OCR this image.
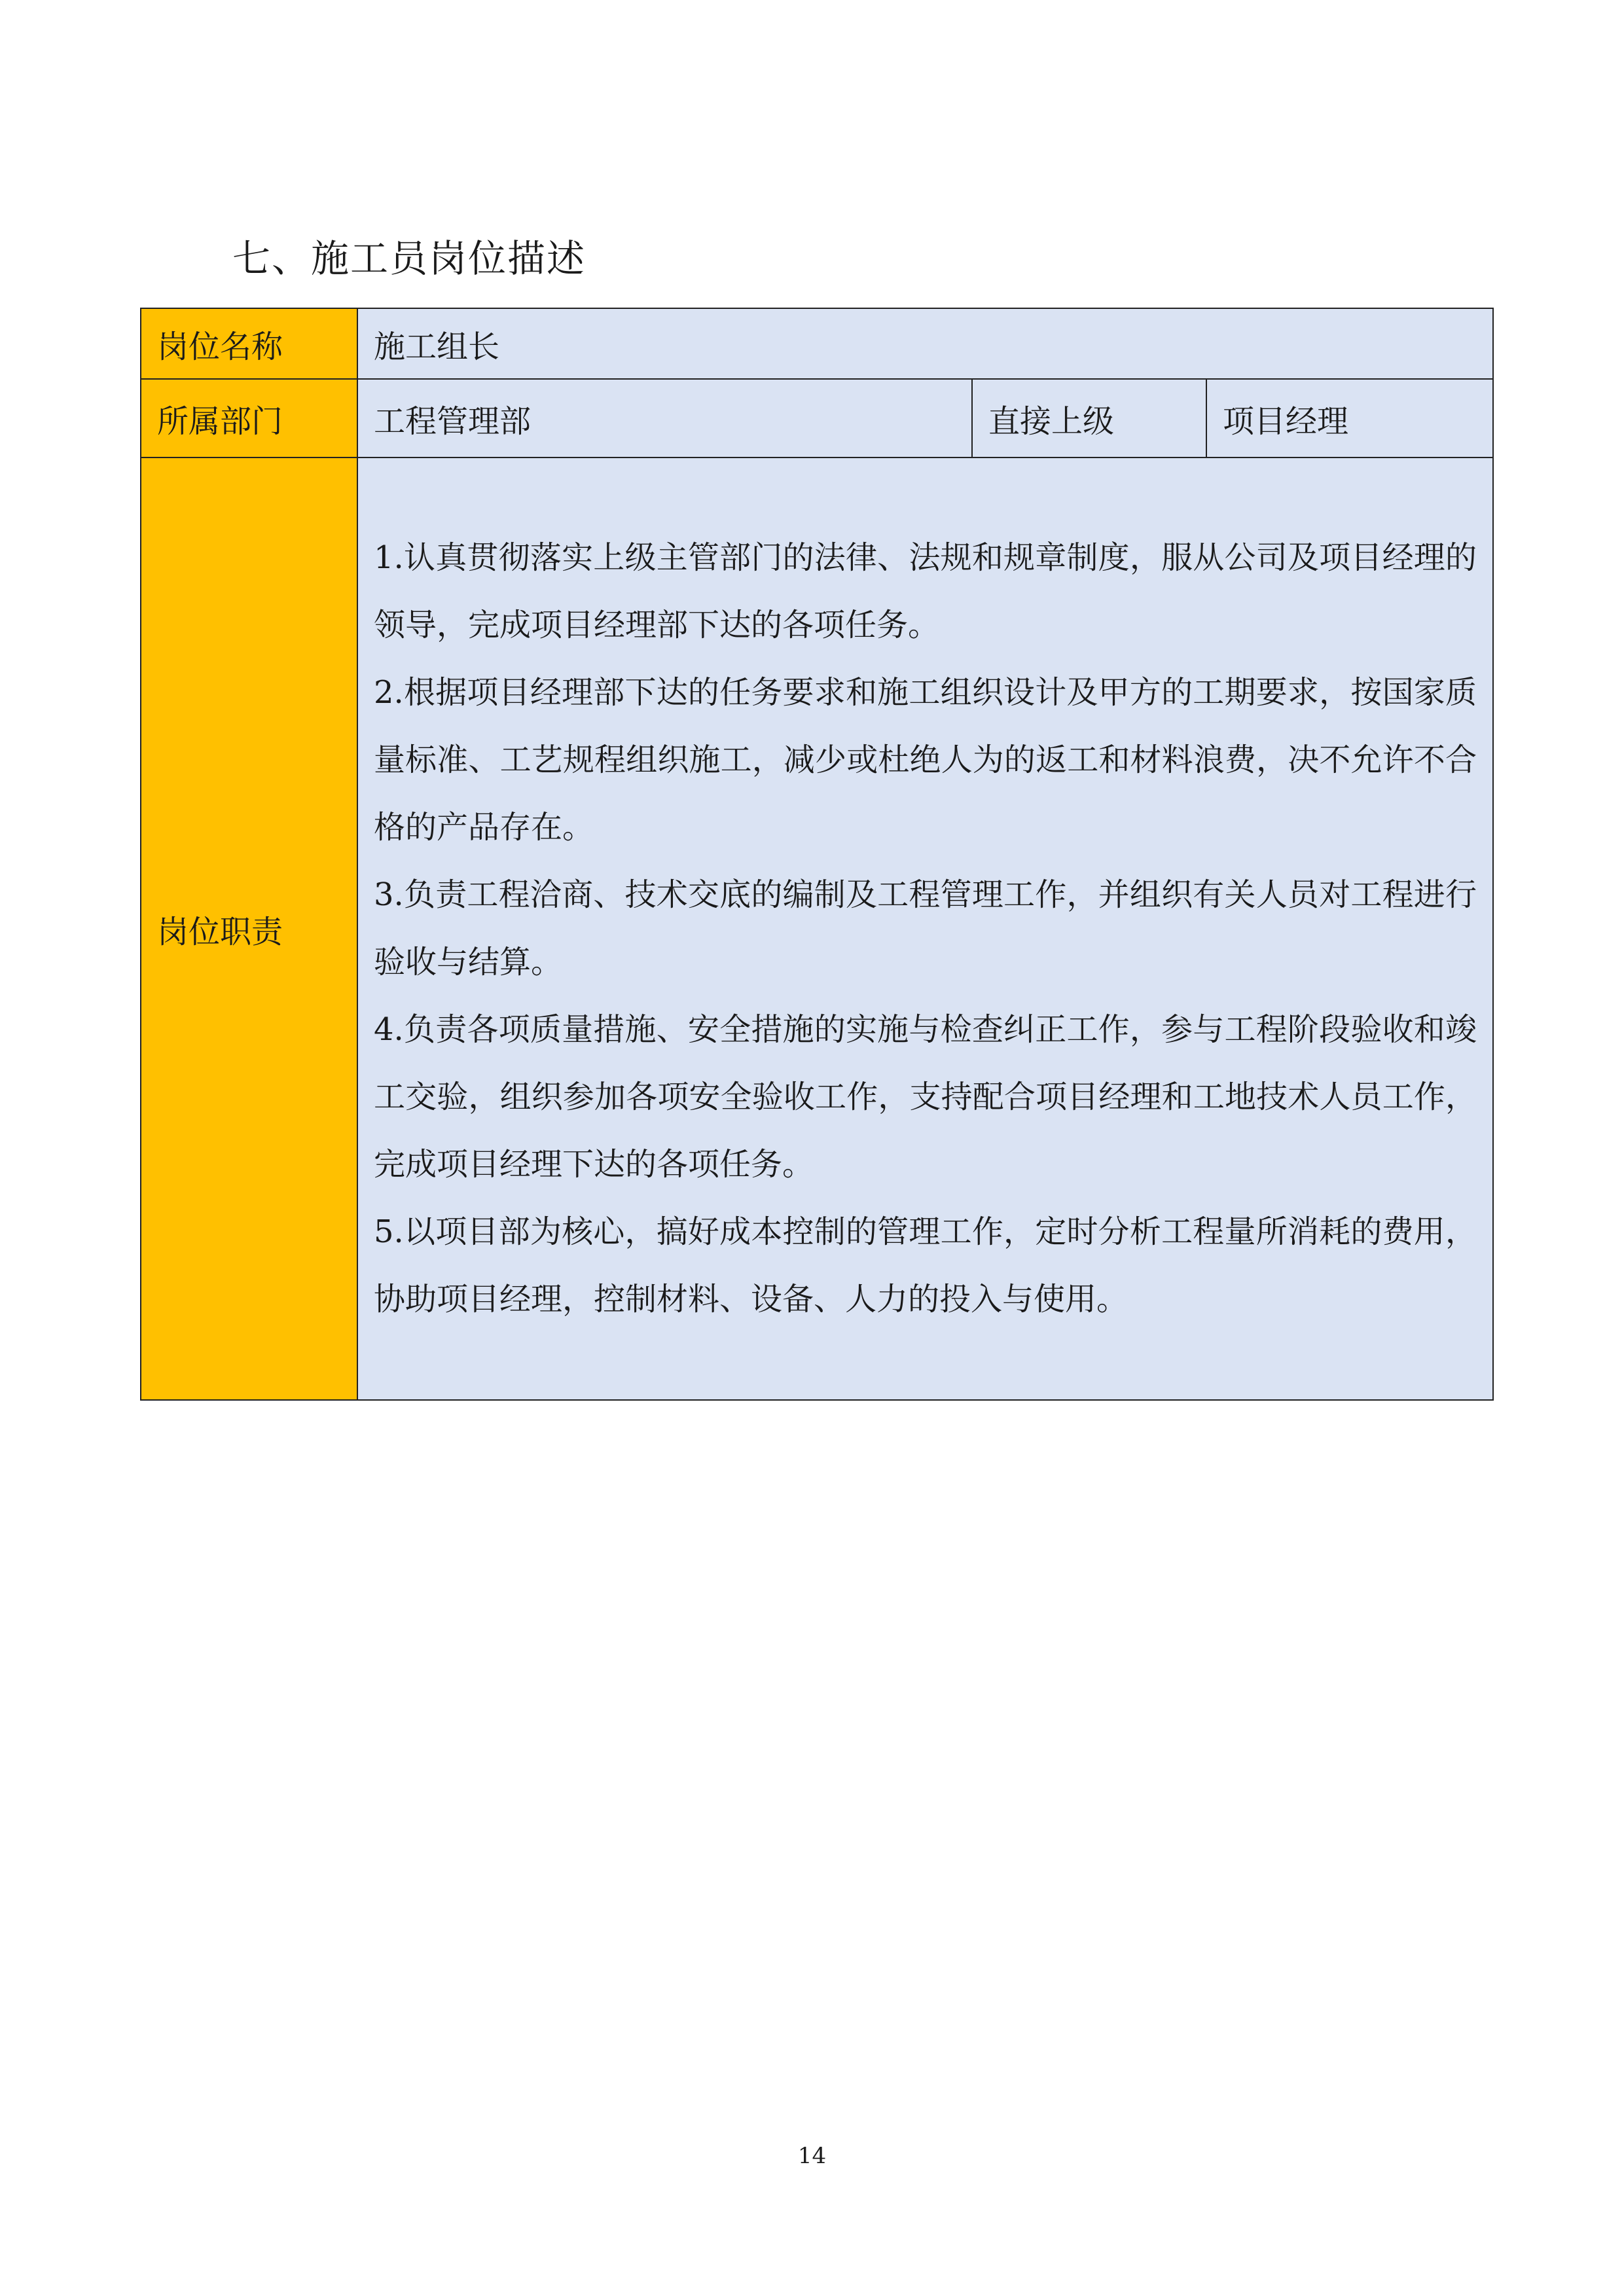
七、施工员岗位描述
岗位名称	施工组长		
所属部门	工程管理部	直接上级	项目经理
岗位职责	1.认真贯彻落实上级主管部门的法律、法规和规章制度，服从公司及项目经理的领导，完成项目经理部下达的各项任务。

2.根据项目经理部下达的任务要求和施工组织设计及甲方的工期要求，按国家质量标准、工艺规程组织施工，减少或杜绝人为的返工和材料浪费，决不允许不合格的产品存在。

3.负责工程洽商、技术交底的编制及工程管理工作，并组织有关人员对工程进行验收与结算。

4.负责各项质量措施、安全措施的实施与检查纠正工作，参与工程阶段验收和竣工交验，组织参加各项安全验收工作，支持配合项目经理和工地技术人员工作，完成项目经理下达的各项任务。

5.以项目部为核心，搞好成本控制的管理工作，定时分析工程量所消耗的费用，协助项目经理，控制材料、设备、人力的投入与使用。		

14
